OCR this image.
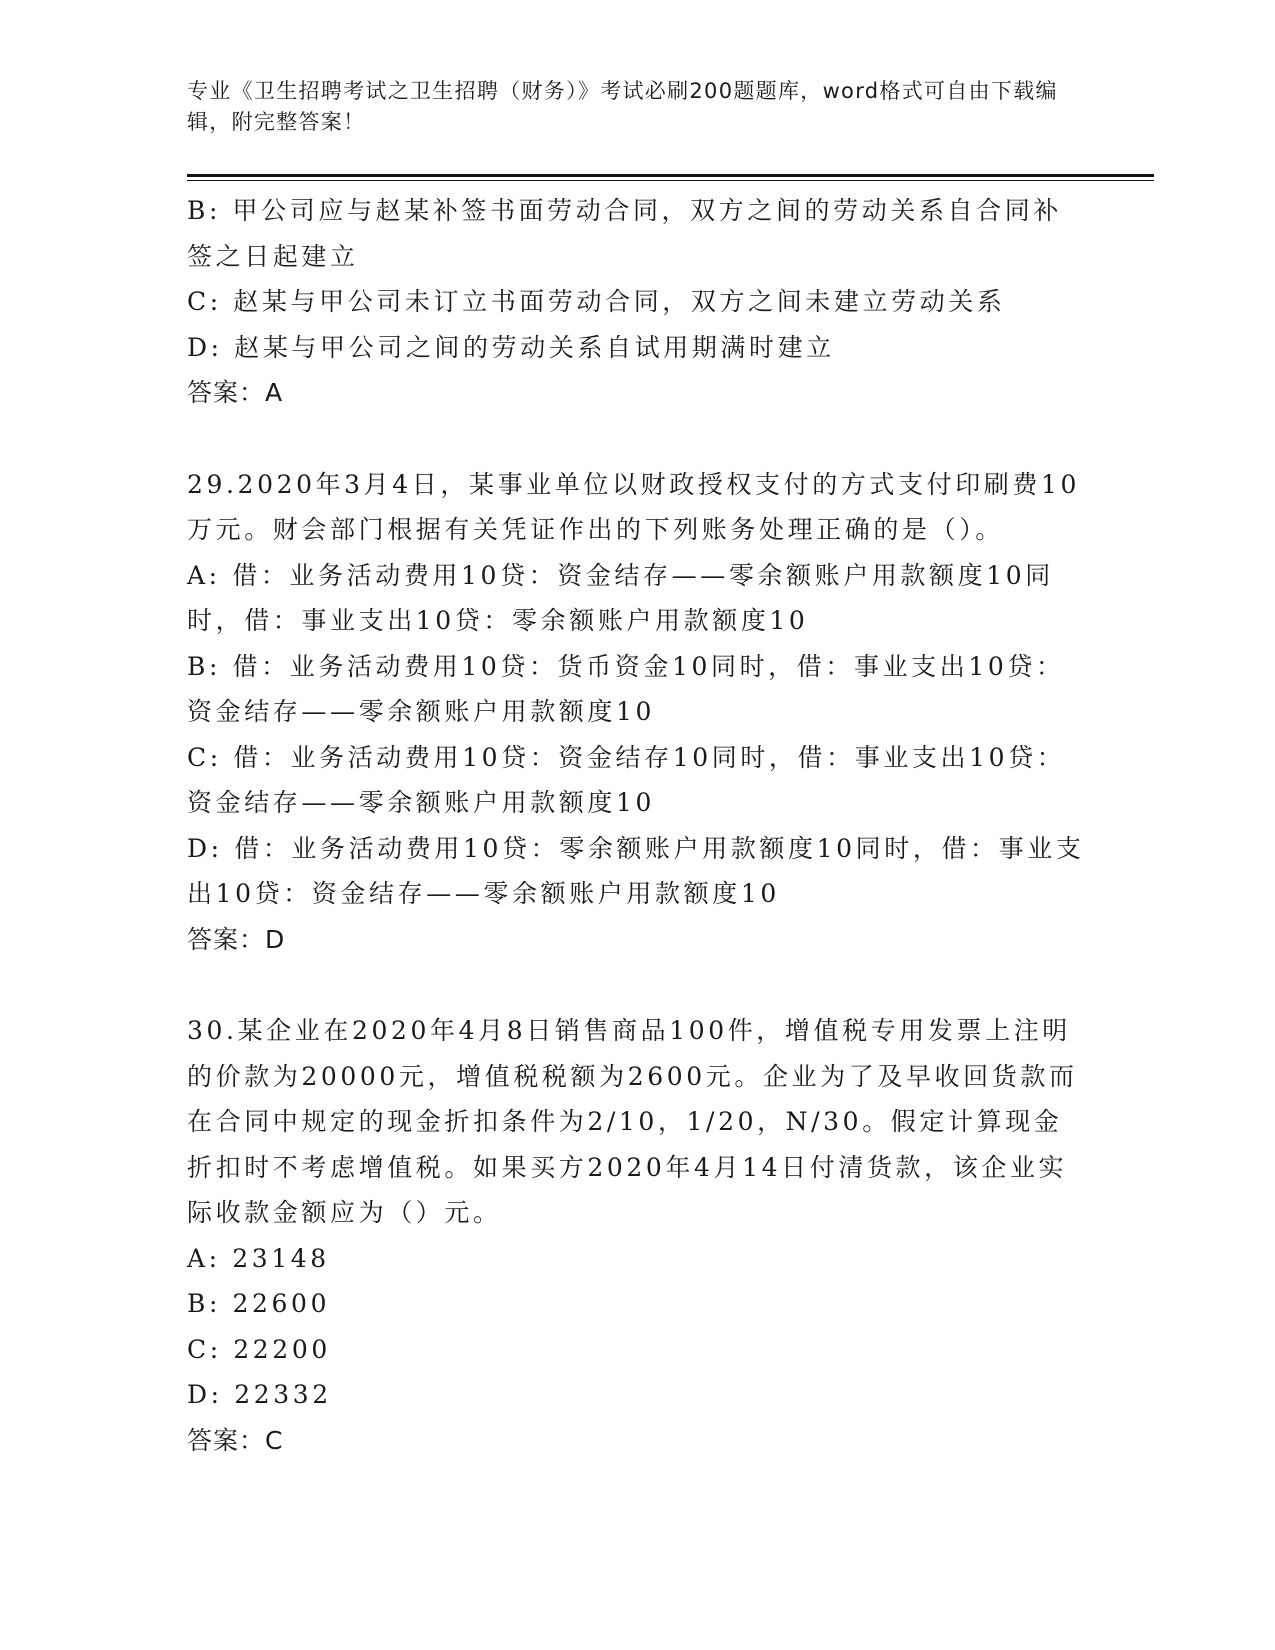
专业《卫生招聘考试之卫生招聘（财务）》考试必刷200题题库，word格式可自由下载编辑，附完整答案！

B: 甲公司应与赵某补签书面劳动合同，双方之间的劳动关系自合同补签之日起建立

C: 赵某与甲公司未订立书面劳动合同，双方之间未建立劳动关系

D: 赵某与甲公司之间的劳动关系自试用期满时建立

答案：A

29.2020年3月4日，某事业单位以财政授权支付的方式支付印刷费10万元。财会部门根据有关凭证作出的下列账务处理正确的是（）。

A: 借：业务活动费用10贷：资金结存——零余额账户用款额度10同时，借：事业支出10贷：零余额账户用款额度10

B: 借：业务活动费用10贷：货币资金10同时，借：事业支出10贷：资金结存——零余额账户用款额度10

C: 借：业务活动费用10贷：资金结存10同时，借：事业支出10贷：资金结存——零余额账户用款额度10

D: 借：业务活动费用10贷：零余额账户用款额度10同时，借：事业支出10贷：资金结存——零余额账户用款额度10

答案：D

30.某企业在2020年4月8日销售商品100件，增值税专用发票上注明的价款为20000元，增值税税额为2600元。企业为了及早收回货款而在合同中规定的现金折扣条件为2/10，1/20，N/30。假定计算现金折扣时不考虑增值税。如果买方2020年4月14日付清货款，该企业实际收款金额应为（）元。

A: 23148

B: 22600

C: 22200

D: 22332

答案：C
